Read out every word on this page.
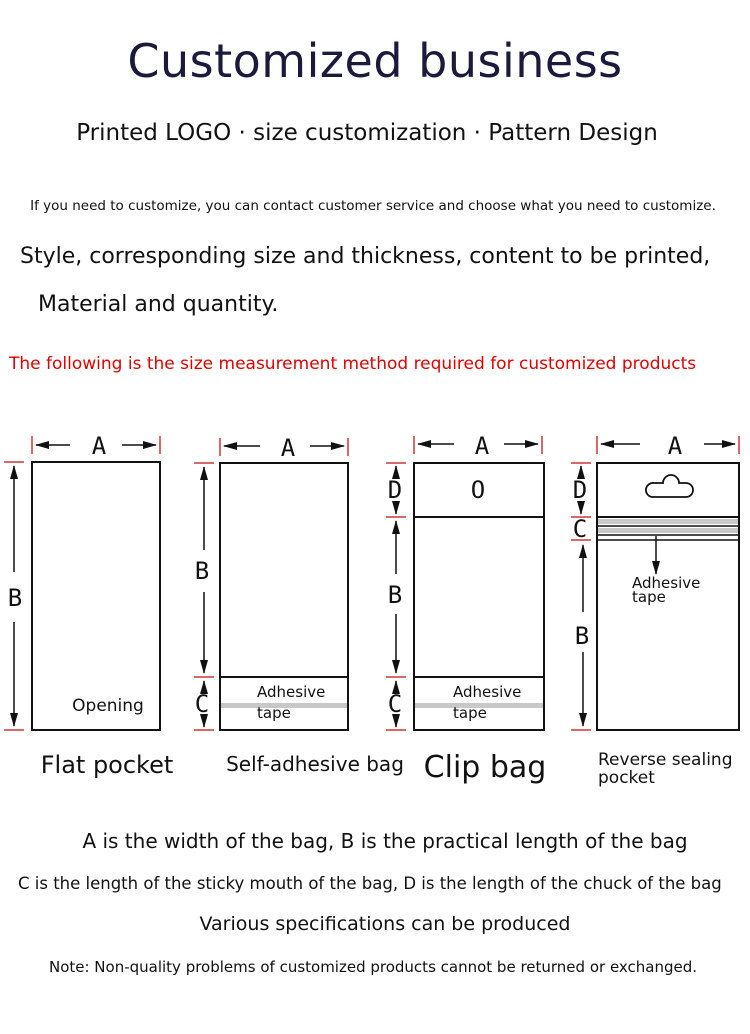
Customized business
Printed LOGO · size customization · Pattern Design
If you need to customize, you can contact customer service and choose what you need to customize.
Style, corresponding size and thickness, content to be printed,
Material and quantity.
The following is the size measurement method required for customized products
A
B
Opening
Flat pocket
A
B
C	Adhesive
tape
Self-adhesive bag
A
D
B
C
O
Adhesive
tape
Clip bag
A
D
C
B
Adhesive
tape
Reverse sealing
pocket
A is the width of the bag, B is the practical length of the bag
C is the length of the sticky mouth of the bag, D is the length of the chuck of the bag
Various specifications can be produced
Note: Non-quality problems of customized products cannot be returned or exchanged.
